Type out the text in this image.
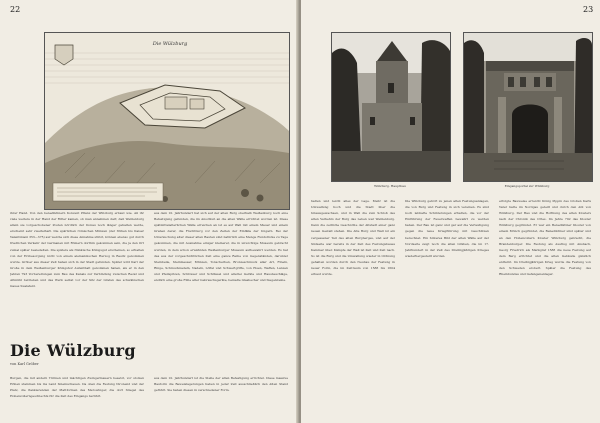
22
Die Wülzburg

ihrer Hand. Von den benediktinern Konvent Pflanz der Wülzburg erbaut wie. Aß ihr viele weitere in der Hand der Ritter kamen, ob man annehmen darf, daß Weißenburg allein sie vorgeschobener Posten nördlich der Donau noch länger gehalten werde, erscheint sehr zweifelhaft. Die spärlichen römischen Münzen (der frühen bis Kaiser Valentiniani 353—375) auf welche sich diese Annahme stützt, können ebenso gut durch friedlichen Verkehr der Germanen mit Römern dorthin gekommen sein, die ja den Ort zumal später besiedelten. Die spätere als fränkische Königsgut erscheinen, so erhalten von der Erzbesorgung nicht von einem alemannischen Herzog in Besitz genommen wurde. Gröber aus dieser Zeit haben sich in der Stadt gefunden. Später wird Karl der Große in dem Weißenburger Königshof Aufenthalt genommen haben, als er in den Jahren 793 Vorbereitungen zum Bau des Kanals zur Verbindung zwischen Rezat und Altmühl betrieben und das Werk selbst vor der Sitz der Grafen des schwäbischen Gaues Sualafeld.

aus dem 10. Jahrhundert hat sich auf der alten Burg oberhalb Weißenburg noch eine Befestigung gefunden, die im Anschluß an die alten Wälle errichtet worden ist. Diese spätmittelalterlichen Wälle erreichen an ist es auf Wall mit einem Mauer und einem Graben derer, die Fluchtburg vor den Zeiten der Einfälle der Ungarn. Bei der Untersuchung alter dieser alten Bauten sind natürlich eine Menge Fundstücke zu Tage gekommen, die mit Ausnahme einiger kleinerer, die in unwichtige Museum gebracht wurden, in dem schon erwähnten Weißenburger Museum aufbewahrt werden. Es hat das aus der vorgeschichtlichen Zeit eine ganze Reihe von Gegenständen, darunter Steinbeile, Steinmesser, Münzen, Tonscherben, Bronzeschmuck aller Art, Fibeln, Ringe, Schmucknadeln, Nadeln, Löffel und Schwertgriffe, von Eisen, Waffen, Lanzen und Pfeilspitzen, Schlösser und Schlüssel und allerlei Geräte und Hausbeschläge, endlich eine große Fülle alter Gebrauchsgeräte, bemalte Glasbecher und Siegelsteine.

Die Wülzburg
von Karl Gröber

Burgen, die mit andern Türmen und mächtigen Zwingermauern besetzt, vor stolzen Höhen stammen bis ins Land hineinschauen. Da oben die Festung thronend und der Platz, die flankierenden der Plattformen des Merowinger, die dort Stiegel des Hohenzollerngeschlechts für die Zeit des Eingangs berührt.

aus dem 10. Jahrhundert ist die Stelle der alten Befestigung errichtet. Diese massive Bauform die Beweislagerungen haben in jeder Zeit ausschließlich den Alten Stand geführt. Sie haben diesen in verschiedener Form.

23
Wülzburg. Hauptbau	Eingangsportal zur Wülzburg

halten und leicht alles der Lage. Mehr ist die Umwallung hoch und die Stadt über die hinausgewachsen, und in Wall die zum Schloß des alten Verkehrs der Burg das Leben war Weißenburg. Denn die zeitliche Geschichte der Altstadt einer ganz neuen Gestalt stehen. Die Alte Burg und Wall ist ein vergessener Teil des alten Burgberges, und auf der Südseite war bereits in der Zeit des Festungsbaues Kammer über. Kämpfe der Wall ist Zeit und Zeit nach. So ist die Burg und die Umwallung wieder in Ordnung gehalten worden durch den Neubau der Festung in neuer Form, die im Zeitraum von 1588 bis 1604 erbaut wurde.

Die Wülzburg gehört zu jenen alten Festungsanlagen, die von Burg und Festung in sich vereinen. Es sind noch lebhafte Schilderungen erhalten, die vor der Einführung der Feuerwaffen bewahrt zu werden haben. Der Bau ist ganz und gar auf die Verteidigung gegen die neue Kriegführung mit Geschützen berechnet. Ein hinteres Bild der alten Wälle auf der Nordseite zeigt noch die alten Gräben, die im 17. Jahrhundert in der Zeit des Dreißigjährigen Krieges wiederhergestellt wurden.

erfolgte Bauweise erreicht König Pippin des Großen Karls Vater hatte im Nordgau geteilt und durch den Abt von Wülzburg. Der Bau und die Hoffnung des alten Klosters nach der Chronik des Ortes. Im Jahre 792 das Kloster Wülzburg gegründet. Er war ein Benediktiner Kloster von einem Mönch gegründet, die Benediktiner sind später und an den Hohenzollern Kloster Wülzburg gebracht, die Brandenburger. Die Festung als Ausflug mit Ansbach, Georg Friedrich als Markgraf 1588 die neue Festung auf dem Berg errichtet und die alten Gebäude gänzlich entfernt. Im Dreißigjährigen Krieg wurde die Festung von den Schweden erobert. Später die Festung des Rheinbundes und Gefangenenlager.
